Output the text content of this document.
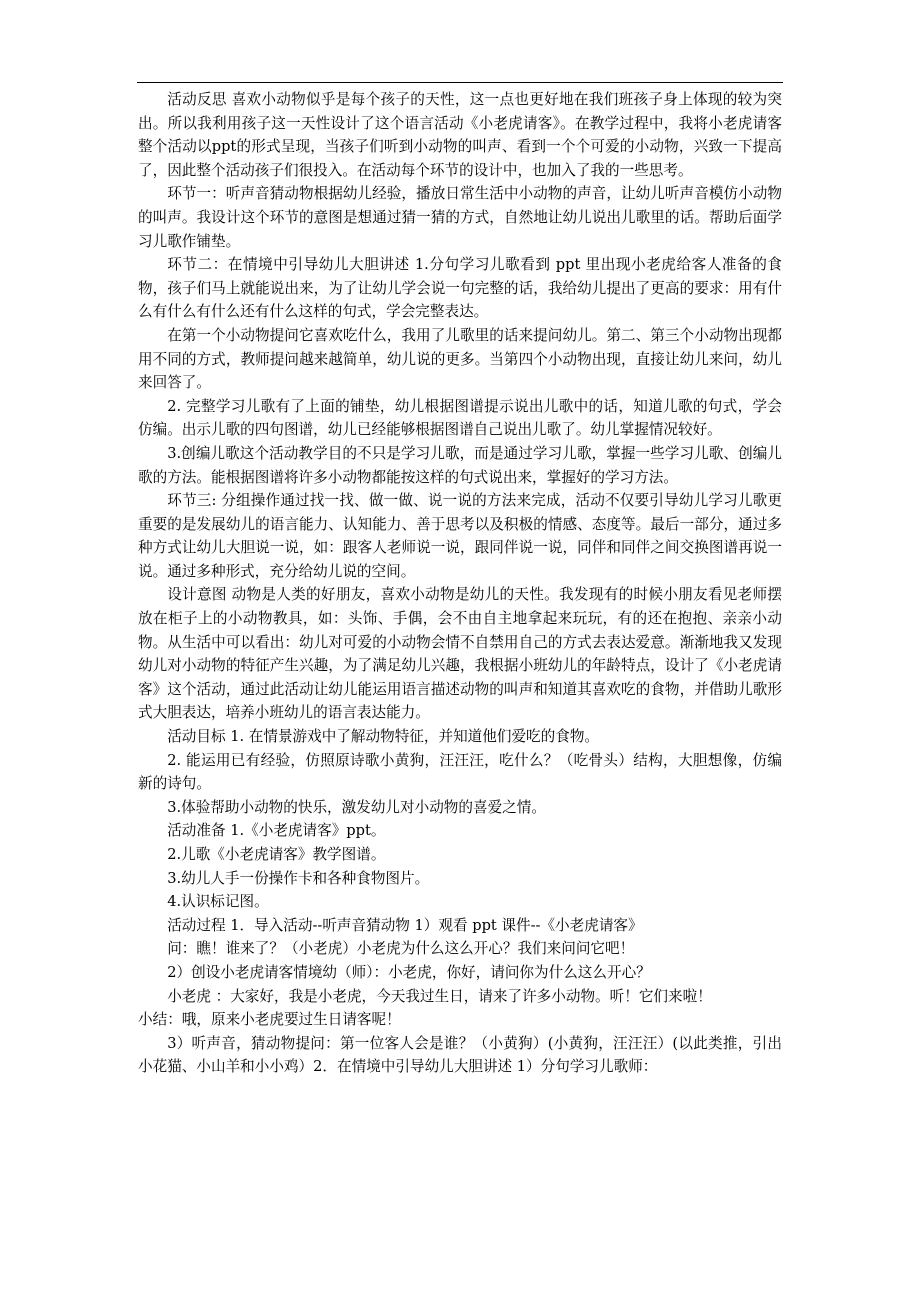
活动反思 喜欢小动物似乎是每个孩子的天性，这一点也更好地在我们班孩子身上体现的较为突出。所以我利用孩子这一天性设计了这个语言活动《小老虎请客》。在教学过程中，我将小老虎请客整个活动以ppt的形式呈现，当孩子们听到小动物的叫声、看到一个个可爱的小动物，兴致一下提高了，因此整个活动孩子们很投入。在活动每个环节的设计中，也加入了我的一些思考。

环节一：听声音猜动物根据幼儿经验，播放日常生活中小动物的声音，让幼儿听声音模仿小动物的叫声。我设计这个环节的意图是想通过猜一猜的方式，自然地让幼儿说出儿歌里的话。帮助后面学习儿歌作铺垫。

环节二：在情境中引导幼儿大胆讲述 1.分句学习儿歌看到 ppt 里出现小老虎给客人准备的食物，孩子们马上就能说出来，为了让幼儿学会说一句完整的话，我给幼儿提出了更高的要求：用有什么有什么有什么还有什么这样的句式，学会完整表达。

在第一个小动物提问它喜欢吃什么，我用了儿歌里的话来提问幼儿。第二、第三个小动物出现都用不同的方式，教师提问越来越简单，幼儿说的更多。当第四个小动物出现，直接让幼儿来问，幼儿来回答了。

2. 完整学习儿歌有了上面的铺垫，幼儿根据图谱提示说出儿歌中的话，知道儿歌的句式，学会仿编。出示儿歌的四句图谱，幼儿已经能够根据图谱自己说出儿歌了。幼儿掌握情况较好。

3.创编儿歌这个活动教学目的不只是学习儿歌，而是通过学习儿歌，掌握一些学习儿歌、创编儿歌的方法。能根据图谱将许多小动物都能按这样的句式说出来，掌握好的学习方法。

环节三: 分组操作通过找一找、做一做、说一说的方法来完成，活动不仅要引导幼儿学习儿歌更重要的是发展幼儿的语言能力、认知能力、善于思考以及积极的情感、态度等。最后一部分，通过多种方式让幼儿大胆说一说，如：跟客人老师说一说，跟同伴说一说，同伴和同伴之间交换图谱再说一说。通过多种形式，充分给幼儿说的空间。

设计意图 动物是人类的好朋友，喜欢小动物是幼儿的天性。我发现有的时候小朋友看见老师摆放在柜子上的小动物教具，如：头饰、手偶，会不由自主地拿起来玩玩，有的还在抱抱、亲亲小动物。从生活中可以看出：幼儿对可爱的小动物会情不自禁用自己的方式去表达爱意。渐渐地我又发现幼儿对小动物的特征产生兴趣，为了满足幼儿兴趣，我根据小班幼儿的年龄特点，设计了《小老虎请客》这个活动，通过此活动让幼儿能运用语言描述动物的叫声和知道其喜欢吃的食物，并借助儿歌形式大胆表达，培养小班幼儿的语言表达能力。

活动目标 1. 在情景游戏中了解动物特征，并知道他们爱吃的食物。

2. 能运用已有经验，仿照原诗歌小黄狗，汪汪汪，吃什么？（吃骨头）结构，大胆想像，仿编新的诗句。

3.体验帮助小动物的快乐，激发幼儿对小动物的喜爱之情。

活动准备 1.《小老虎请客》ppt。

2.儿歌《小老虎请客》教学图谱。

3.幼儿人手一份操作卡和各种食物图片。

4.认识标记图。

活动过程 1．导入活动--听声音猜动物 1）观看 ppt 课件--《小老虎请客》

问：瞧！谁来了？（小老虎）小老虎为什么这么开心？我们来问问它吧！

2）创设小老虎请客情境幼（师）：小老虎，你好，请问你为什么这么开心？

小老虎 ：大家好，我是小老虎，今天我过生日，请来了许多小动物。听！它们来啦！

小结：哦，原来小老虎要过生日请客呢！

3）听声音，猜动物提问：第一位客人会是谁？（小黄狗）(小黄狗，汪汪汪）(以此类推，引出小花猫、小山羊和小小鸡）2．在情境中引导幼儿大胆讲述 1）分句学习儿歌师：
